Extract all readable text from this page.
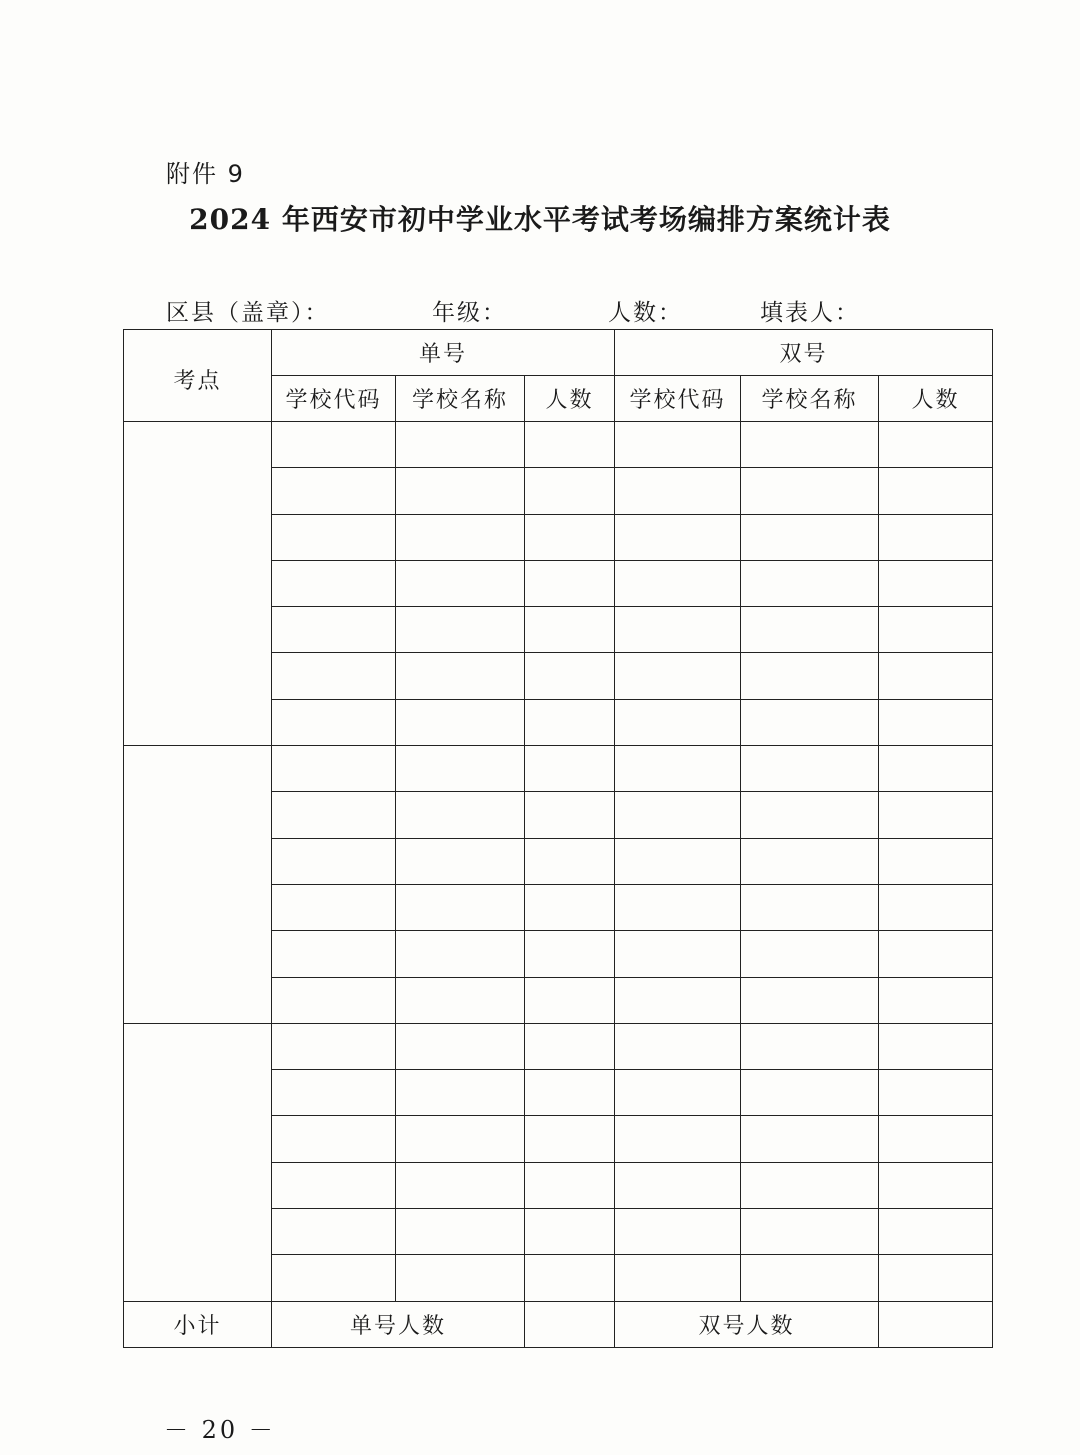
附件 9
2024 年西安市初中学业水平考试考场编排方案统计表
区县（盖章）：	年级：	人数：	填表人：
考点	单号			双号		
	学校代码	学校名称	人数	学校代码	学校名称	人数

小计	单号人数			双号人数		
－ 20 －
